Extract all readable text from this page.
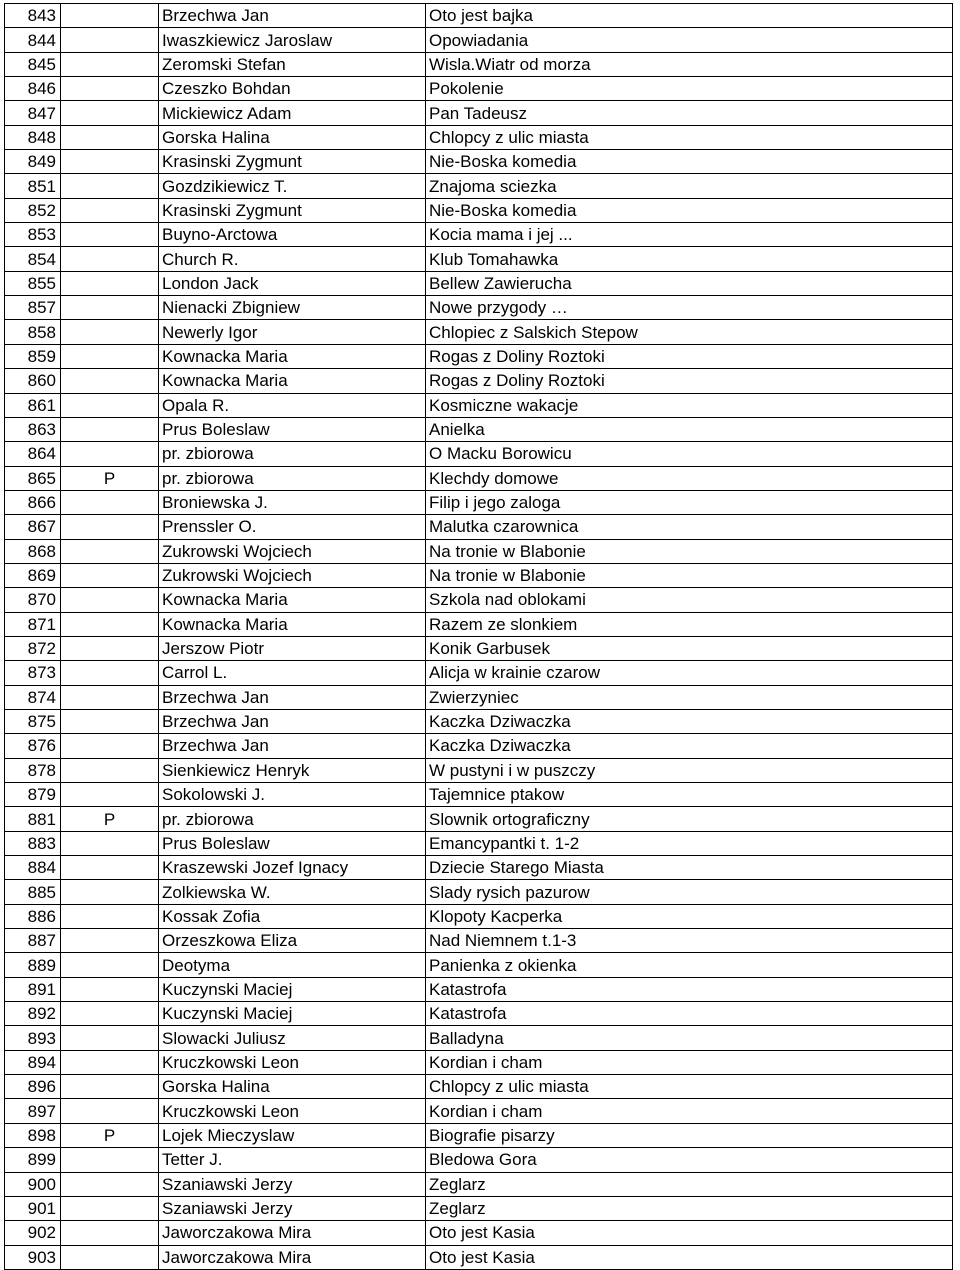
843		Brzechwa Jan	Oto jest bajka
844		Iwaszkiewicz Jaroslaw	Opowiadania
845		Zeromski Stefan	Wisla.Wiatr od morza
846		Czeszko Bohdan	Pokolenie
847		Mickiewicz Adam	Pan Tadeusz
848		Gorska Halina	Chlopcy z ulic miasta
849		Krasinski Zygmunt	Nie-Boska komedia
851		Gozdzikiewicz T.	Znajoma sciezka
852		Krasinski Zygmunt	Nie-Boska komedia
853		Buyno-Arctowa	Kocia mama i jej ...
854		Church R.	Klub Tomahawka
855		London Jack	Bellew Zawierucha
857		Nienacki Zbigniew	Nowe przygody …
858		Newerly Igor	Chlopiec z Salskich Stepow
859		Kownacka Maria	Rogas z Doliny Roztoki
860		Kownacka Maria	Rogas z Doliny Roztoki
861		Opala R.	Kosmiczne wakacje
863		Prus Boleslaw	Anielka
864		pr. zbiorowa	O Macku Borowicu
865	P	pr. zbiorowa	Klechdy domowe
866		Broniewska J.	Filip i jego zaloga
867		Prenssler O.	Malutka czarownica
868		Zukrowski Wojciech	Na tronie w Blabonie
869		Zukrowski Wojciech	Na tronie w Blabonie
870		Kownacka Maria	Szkola nad oblokami
871		Kownacka Maria	Razem ze slonkiem
872		Jerszow Piotr	Konik Garbusek
873		Carrol L.	Alicja w krainie czarow
874		Brzechwa Jan	Zwierzyniec
875		Brzechwa Jan	Kaczka Dziwaczka
876		Brzechwa Jan	Kaczka Dziwaczka
878		Sienkiewicz Henryk	W pustyni i w puszczy
879		Sokolowski J.	Tajemnice ptakow
881	P	pr. zbiorowa	Slownik ortograficzny
883		Prus Boleslaw	Emancypantki t. 1-2
884		Kraszewski Jozef Ignacy	Dziecie Starego Miasta
885		Zolkiewska W.	Slady rysich pazurow
886		Kossak Zofia	Klopoty Kacperka
887		Orzeszkowa Eliza	Nad Niemnem t.1-3
889		Deotyma	Panienka z okienka
891		Kuczynski Maciej	Katastrofa
892		Kuczynski Maciej	Katastrofa
893		Slowacki Juliusz	Balladyna
894		Kruczkowski Leon	Kordian i cham
896		Gorska Halina	Chlopcy z ulic miasta
897		Kruczkowski Leon	Kordian i cham
898	P	Lojek Mieczyslaw	Biografie pisarzy
899		Tetter J.	Bledowa Gora
900		Szaniawski Jerzy	Zeglarz
901		Szaniawski Jerzy	Zeglarz
902		Jaworczakowa Mira	Oto jest Kasia
903		Jaworczakowa Mira	Oto jest Kasia
